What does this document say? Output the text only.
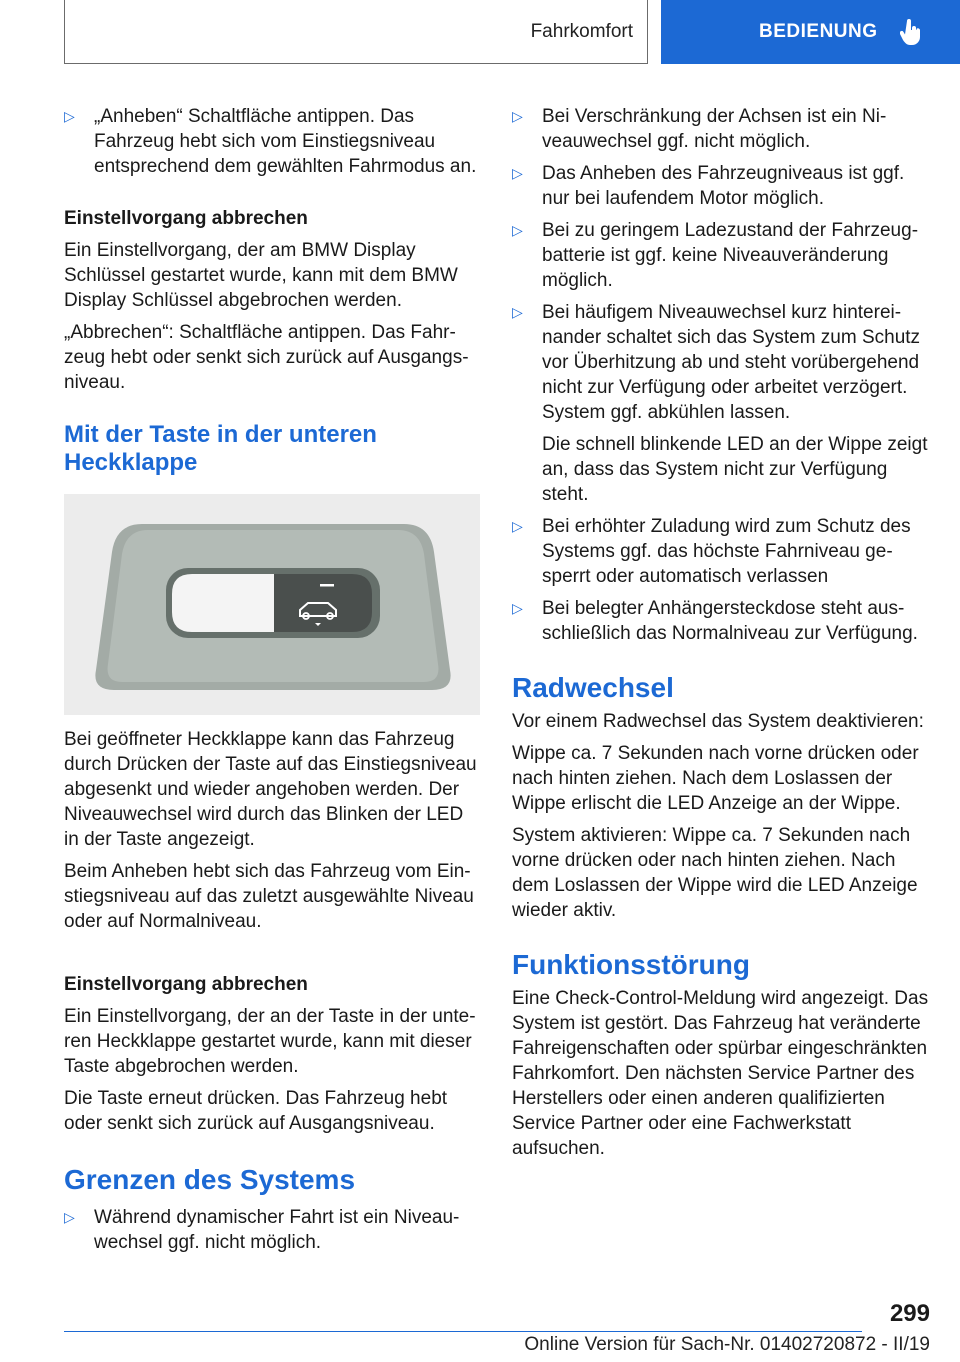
Fahrkomfort	BEDIENUNG
▷	„Anheben“ Schaltfläche antippen. Das Fahrzeug hebt sich vom Einstiegsniveau entsprechend dem gewählten Fahrmodus an.
Einstellvorgang abbrechen

Ein Einstellvorgang, der am BMW Display Schlüssel gestartet wurde, kann mit dem BMW Display Schlüssel abgebrochen werden.

„Abbrechen“: Schaltfläche antippen. Das Fahrzeug hebt oder senkt sich zurück auf Ausgangsniveau.

Mit der Taste in der unteren Heckklappe

Bei geöffneter Heckklappe kann das Fahrzeug durch Drücken der Taste auf das Einstiegsniveau abgesenkt und wieder angehoben werden. Der Niveauwechsel wird durch das Blinken der LED in der Taste angezeigt.

Beim Anheben hebt sich das Fahrzeug vom Einstiegsniveau auf das zuletzt ausgewählte Niveau oder auf Normalniveau.

Einstellvorgang abbrechen

Ein Einstellvorgang, der an der Taste in der unteren Heckklappe gestartet wurde, kann mit dieser Taste abgebrochen werden.

Die Taste erneut drücken. Das Fahrzeug hebt oder senkt sich zurück auf Ausgangsniveau.

Grenzen des Systems
▷	Während dynamischer Fahrt ist ein Niveauwechsel ggf. nicht möglich.
▷	Bei Verschränkung der Achsen ist ein Niveauwechsel ggf. nicht möglich.
▷	Das Anheben des Fahrzeugniveaus ist ggf. nur bei laufendem Motor möglich.
▷	Bei zu geringem Ladezustand der Fahrzeugbatterie ist ggf. keine Niveauveränderung möglich.
▷	Bei häufigem Niveauwechsel kurz hintereinander schaltet sich das System zum Schutz vor Überhitzung ab und steht vorübergehend nicht zur Verfügung oder arbeitet verzögert. System ggf. abkühlen lassen.

Die schnell blinkende LED an der Wippe zeigt an, dass das System nicht zur Verfügung steht.

▷	Bei erhöhter Zuladung wird zum Schutz des Systems ggf. das höchste Fahrniveau gesperrt oder automatisch verlassen
▷	Bei belegter Anhängersteckdose steht ausschließlich das Normalniveau zur Verfügung.
Radwechsel

Vor einem Radwechsel das System deaktivieren:

Wippe ca. 7 Sekunden nach vorne drücken oder nach hinten ziehen. Nach dem Loslassen der Wippe erlischt die LED Anzeige an der Wippe.

System aktivieren: Wippe ca. 7 Sekunden nach vorne drücken oder nach hinten ziehen. Nach dem Loslassen der Wippe wird die LED Anzeige wieder aktiv.

Funktionsstörung

Eine Check-Control-Meldung wird angezeigt. Das System ist gestört. Das Fahrzeug hat veränderte Fahreigenschaften oder spürbar eingeschränkten Fahrkomfort. Den nächsten Service Partner des Herstellers oder einen anderen qualifizierten Service Partner oder eine Fachwerkstatt aufsuchen.

299
Online Version für Sach-Nr. 01402720872 - II/19
